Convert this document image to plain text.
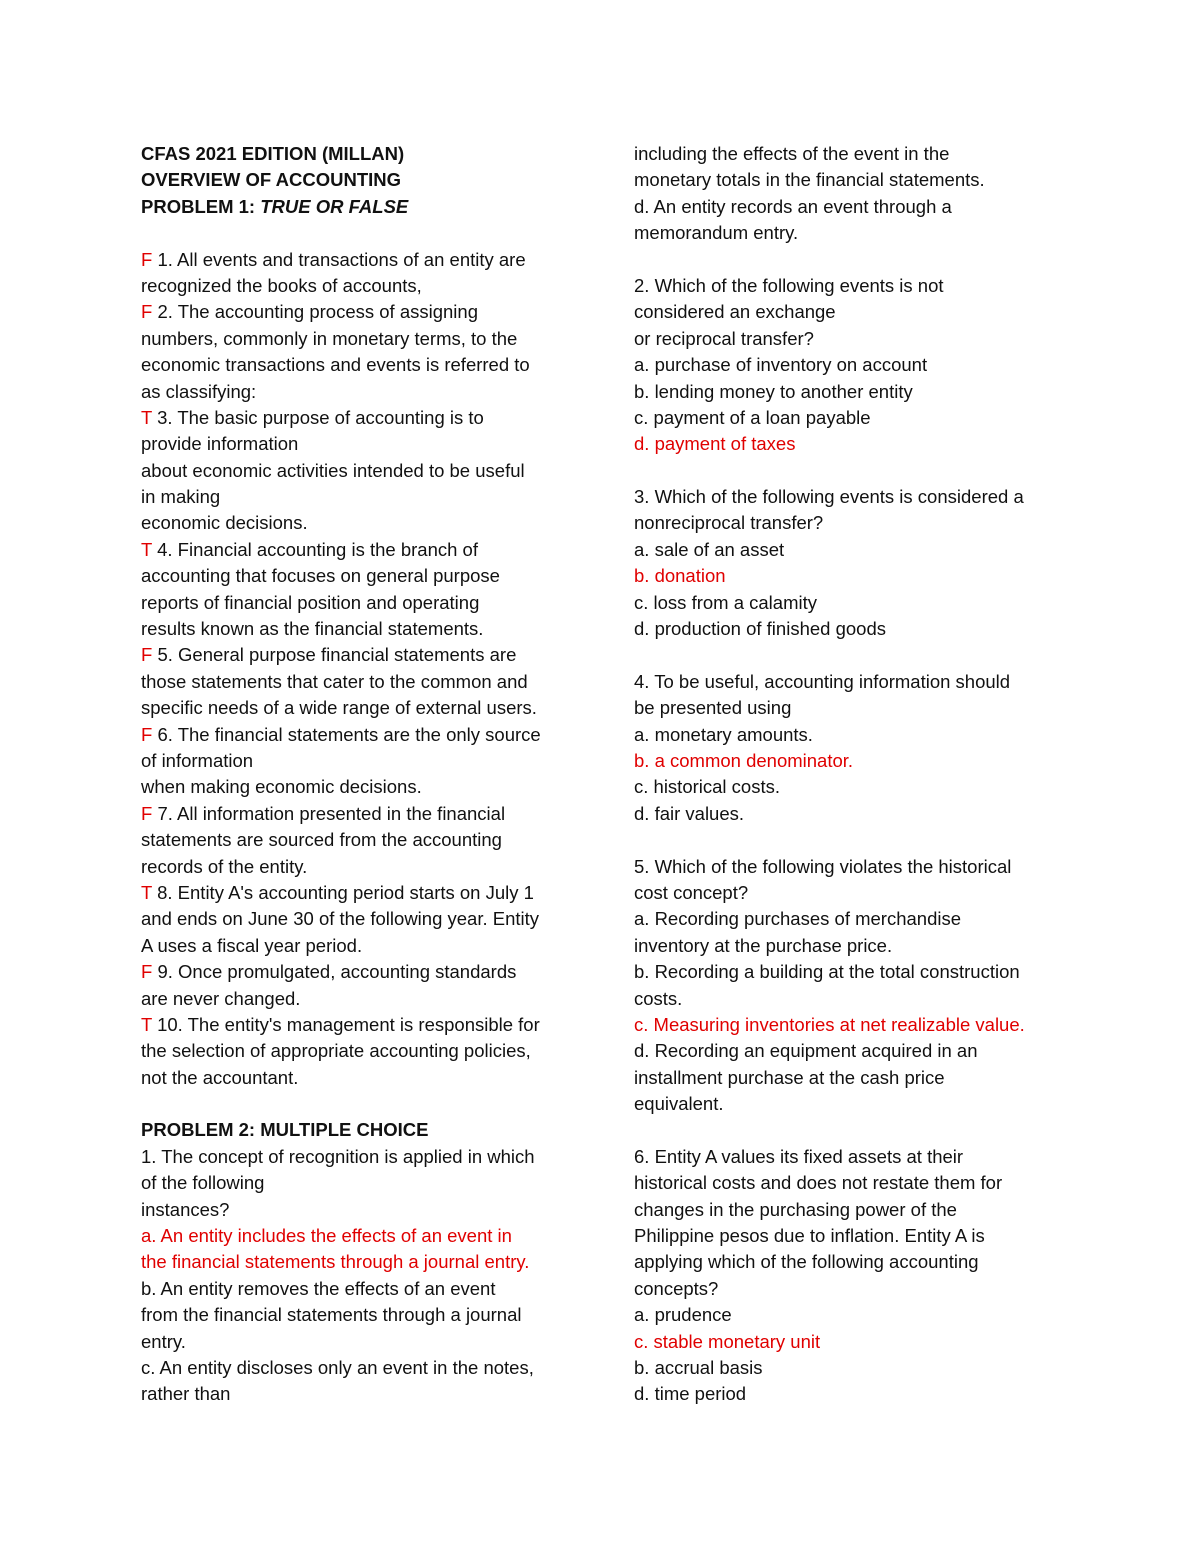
CFAS 2021 EDITION (MILLAN)
OVERVIEW OF ACCOUNTING
PROBLEM 1: TRUE OR FALSE
F 1. All events and transactions of an entity are
recognized the books of accounts,
F 2. The accounting process of assigning
numbers, commonly in monetary terms, to the
economic transactions and events is referred to
as classifying:
T 3. The basic purpose of accounting is to
provide information
about economic activities intended to be useful
in making
economic decisions.
T 4. Financial accounting is the branch of
accounting that focuses on general purpose
reports of financial position and operating
results known as the financial statements.
F 5. General purpose financial statements are
those statements that cater to the common and
specific needs of a wide range of external users.
F 6. The financial statements are the only source
of information
when making economic decisions.
F 7. All information presented in the financial
statements are sourced from the accounting
records of the entity.
T 8. Entity A's accounting period starts on July 1
and ends on June 30 of the following year. Entity
A uses a fiscal year period.
F 9. Once promulgated, accounting standards
are never changed.
T 10. The entity's management is responsible for
the selection of appropriate accounting policies,
not the accountant.
PROBLEM 2: MULTIPLE CHOICE
1. The concept of recognition is applied in which
of the following
instances?
a. An entity includes the effects of an event in
the financial statements through a journal entry.
b. An entity removes the effects of an event
from the financial statements through a journal
entry.
c. An entity discloses only an event in the notes,
rather than
including the effects of the event in the
monetary totals in the financial statements.
d. An entity records an event through a
memorandum entry.
2. Which of the following events is not
considered an exchange
or reciprocal transfer?
a. purchase of inventory on account
b. lending money to another entity
c. payment of a loan payable
d. payment of taxes
3. Which of the following events is considered a
nonreciprocal transfer?
a. sale of an asset
b. donation
c. loss from a calamity
d. production of finished goods
4. To be useful, accounting information should
be presented using
a. monetary amounts.
b. a common denominator.
c. historical costs.
d. fair values.
5. Which of the following violates the historical
cost concept?
a. Recording purchases of merchandise
inventory at the purchase price.
b. Recording a building at the total construction
costs.
c. Measuring inventories at net realizable value.
d. Recording an equipment acquired in an
installment purchase at the cash price
equivalent.
6. Entity A values its fixed assets at their
historical costs and does not restate them for
changes in the purchasing power of the
Philippine pesos due to inflation. Entity A is
applying which of the following accounting
concepts?
a. prudence
c. stable monetary unit
b. accrual basis
d. time period
